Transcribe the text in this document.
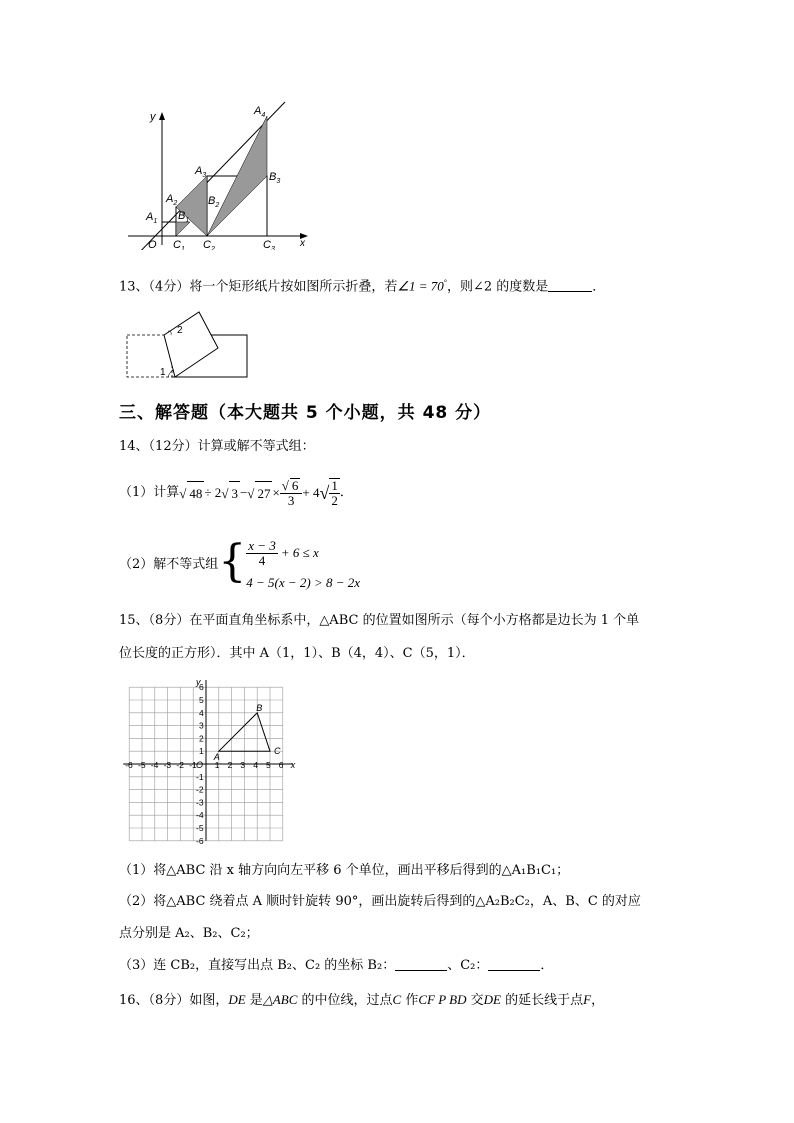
y
x
O
$A_1$
$A_2$
$A_3$
$A_4$
$B_1$
$B_2$
$B_3$
$C_1$ $C_2$	$C_3$
13、（4分）将一个矩形纸片按如图所示折叠，若∠1 = 70°，则∠2 的度数是	．
2
1
三、解答题（本大题共 5 个小题，共 48 分）
14、（12分）计算或解不等式组：
（1）计算 √ 48 ÷ 2 √ 3 − √ $27 \times \frac{√ 6}{3} + 4$ √ $\frac{1}{2}$ ．
（2）解不等式组 { $\frac{x - 3}{4} + 6 \le x$
4 − 5(x − 2) > 8 − 2x
15、（8分）在平面直角坐标系中，△ABC 的位置如图所示（每个小方格都是边长为 1 个单
位长度的正方形）．其中 A（1，1）、B（4，4）、C（5，1）．
-6 -5 -4 -3 -2 -1 1 2 3 4 5 6
6
5
4
3
2
1
-1
-2
-3
-4
-5
-6
O	x
y
A
B
C
（1）将△ABC 沿 x 轴方向向左平移 6 个单位，画出平移后得到的△A₁B₁C₁；
（2）将△ABC 绕着点 A 顺时针旋转 90°，画出旋转后得到的△A₂B₂C₂，A、B、C 的对应
点分别是 A₂、B₂、C₂；
（3）连 CB₂，直接写出点 B₂、C₂ 的坐标 B₂：	、C₂：	．
16、（8分）如图，DE 是△ABC 的中位线，过点C 作CF P BD 交DE 的延长线于点F，
